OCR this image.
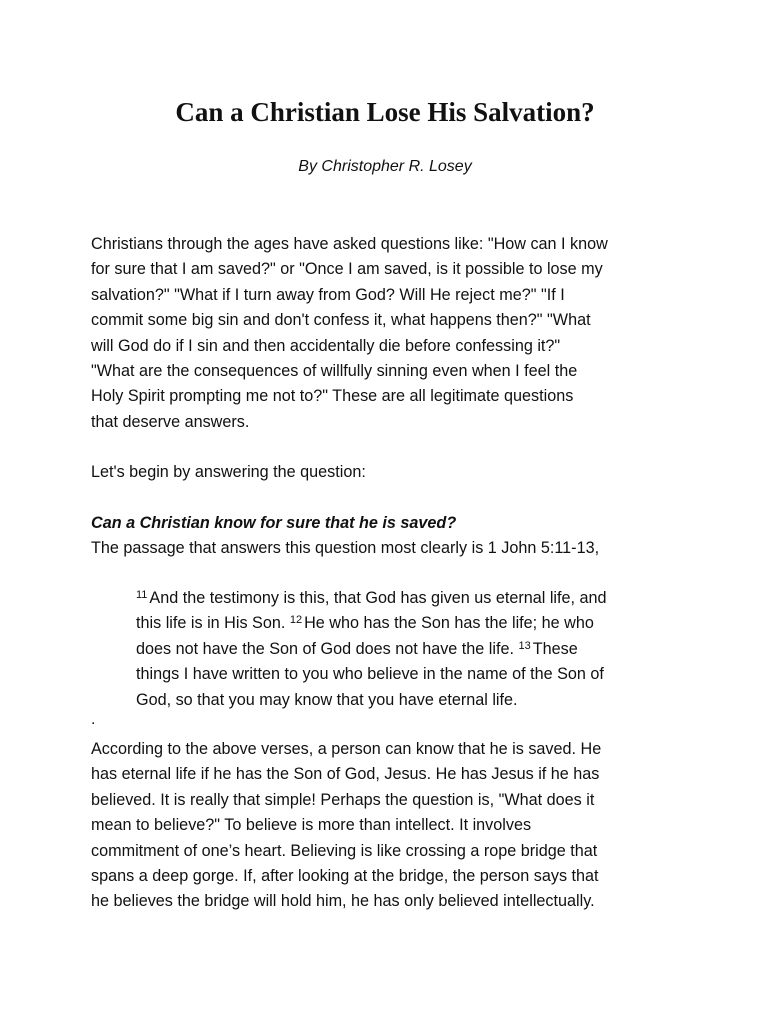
Can a Christian Lose His Salvation?

By Christopher R. Losey

Christians through the ages have asked questions like: "How can I know
for sure that I am saved?" or "Once I am saved, is it possible to lose my
salvation?" "What if I turn away from God? Will He reject me?" "If I
commit some big sin and don't confess it, what happens then?" "What
will God do if I sin and then accidentally die before confessing it?"
"What are the consequences of willfully sinning even when I feel the
Holy Spirit prompting me not to?" These are all legitimate questions
that deserve answers.
Let's begin by answering the question:
Can a Christian know for sure that he is saved?
The passage that answers this question most clearly is 1 John 5:11-13,
$^{11}$ And the testimony is this, that God has given us eternal life, and
this life is in His Son. $^{12}$ He who has the Son has the life; he who
does not have the Son of God does not have the life. $^{13}$ These
things I have written to you who believe in the name of the Son of
God, so that you may know that you have eternal life.
.
According to the above verses, a person can know that he is saved. He
has eternal life if he has the Son of God, Jesus. He has Jesus if he has
believed. It is really that simple! Perhaps the question is, "What does it
mean to believe?" To believe is more than intellect. It involves
commitment of one’s heart. Believing is like crossing a rope bridge that
spans a deep gorge. If, after looking at the bridge, the person says that
he believes the bridge will hold him, he has only believed intellectually.
